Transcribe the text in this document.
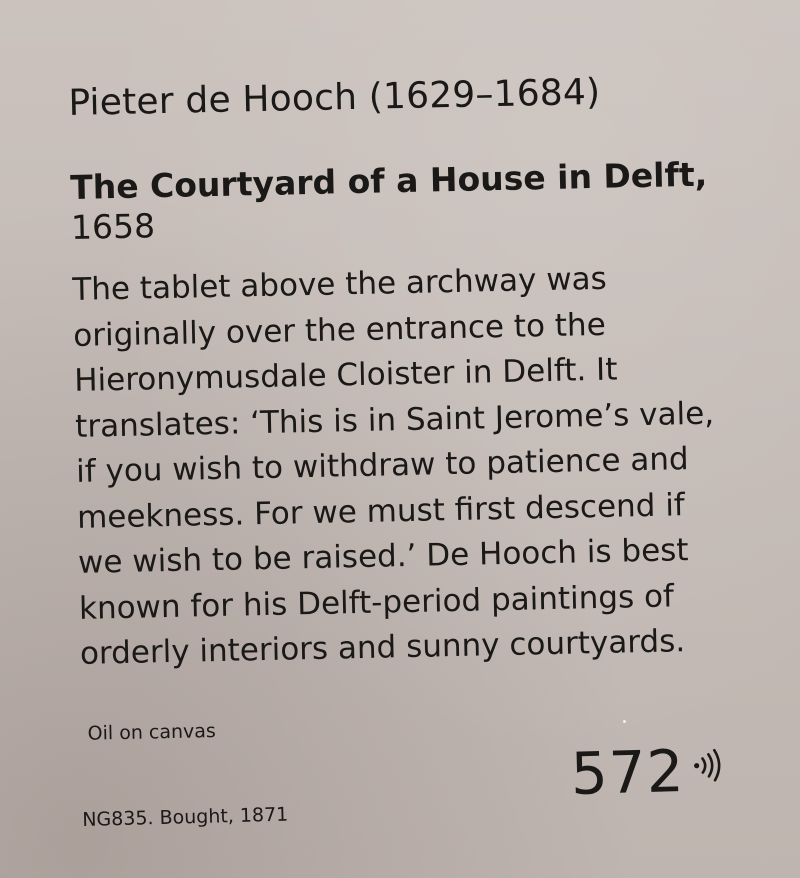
Pieter de Hooch (1629–1684)

The Courtyard of a House in Delft,

1658

The tablet above the archway was
originally over the entrance to the
Hieronymusdale Cloister in Delft. It
translates: ‘This is in Saint Jerome’s vale,
if you wish to withdraw to patience and
meekness. For we must first descend if
we wish to be raised.’ De Hooch is best
known for his Delft-period paintings of
orderly interiors and sunny courtyards.

Oil on canvas

572
NG835. Bought, 1871
